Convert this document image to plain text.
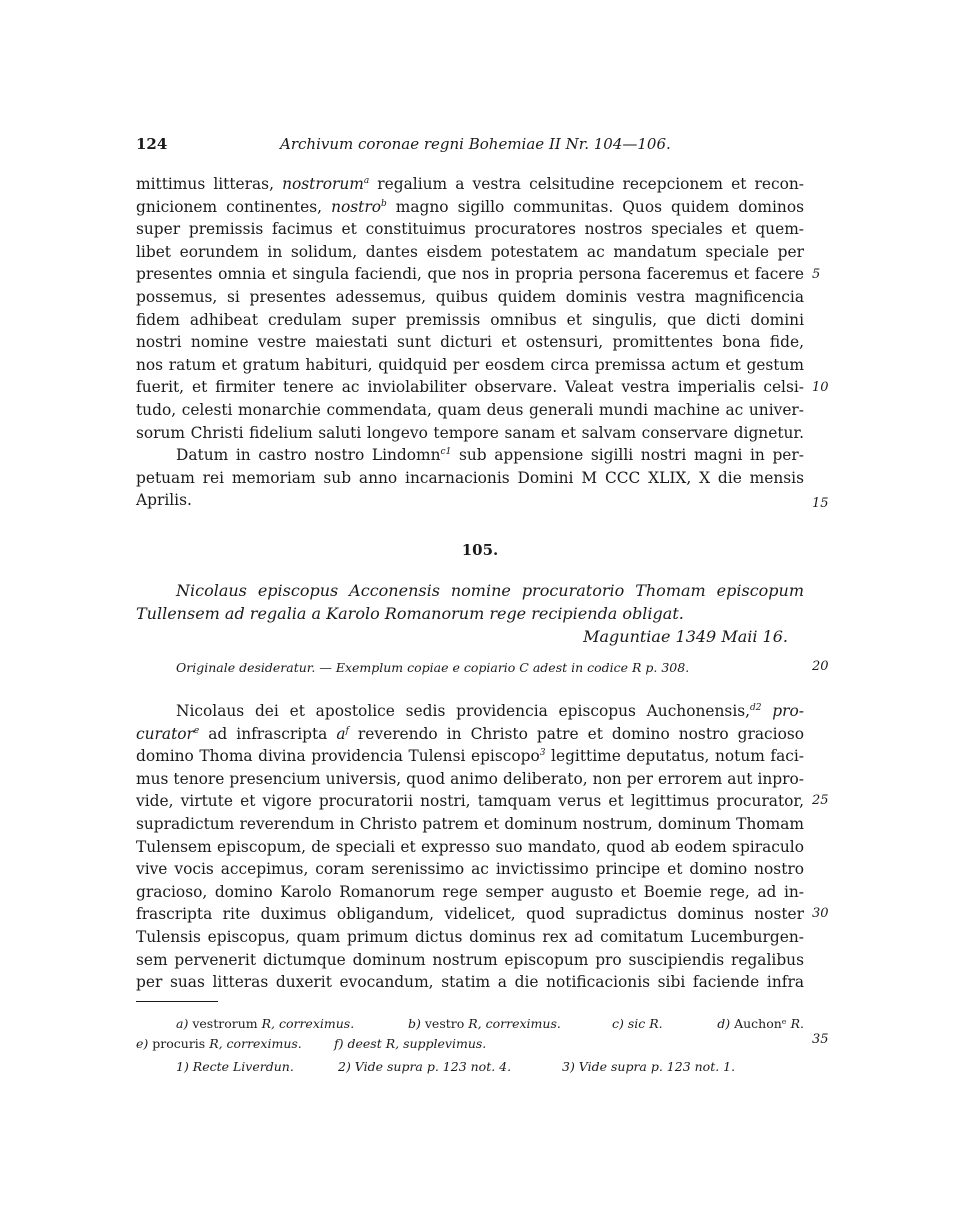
124	Archivum coronae regni Bohemiae II Nr. 104—106.
mittimus litteras, nostrorum$^a$ regalium a vestra celsitudine recepcionem et recon-
gnicionem continentes, nostro$^b$ magno sigillo communitas. Quos quidem dominos
super premissis facimus et constituimus procuratores nostros speciales et quem-
libet eorundem in solidum, dantes eisdem potestatem ac mandatum speciale per
presentes omnia et singula faciendi, que nos in propria persona faceremus et facere
possemus, si presentes adessemus, quibus quidem dominis vestra magnificencia
fidem adhibeat credulam super premissis omnibus et singulis, que dicti domini
nostri nomine vestre maiestati sunt dicturi et ostensuri, promittentes bona fide,
nos ratum et gratum habituri, quidquid per eosdem circa premissa actum et gestum
fuerit, et firmiter tenere ac inviolabiliter observare. Valeat vestra imperialis celsi-
tudo, celesti monarchie commendata, quam deus generali mundi machine ac univer-
sorum Christi fidelium saluti longevo tempore sanam et salvam conservare dignetur.
Datum in castro nostro Lindomn$^{c1}$ sub appensione sigilli nostri magni in per-
petuam rei memoriam sub anno incarnacionis Domini M CCC XLIX, X die mensis
Aprilis.
5
10
15
20
25
30
35
105.
Nicolaus episcopus Acconensis nomine procuratorio Thomam episcopum
Tullensem ad regalia a Karolo Romanorum rege recipienda obligat.
Maguntiae 1349 Maii 16.
Originale desideratur. — Exemplum copiae e copiario C adest in codice R p. 308.
Nicolaus dei et apostolice sedis providencia episcopus Auchonensis,$^{d2}$ pro-
curator$^e$ ad infrascripta $a^f$ reverendo in Christo patre et domino nostro gracioso
domino Thoma divina providencia Tulensi episcopo$^3$ legittime deputatus, notum faci-
mus tenore presencium universis, quod animo deliberato, non per errorem aut inpro-
vide, virtute et vigore procuratorii nostri, tamquam verus et legittimus procurator,
supradictum reverendum in Christo patrem et dominum nostrum, dominum Thomam
Tulensem episcopum, de speciali et expresso suo mandato, quod ab eodem spiraculo
vive vocis accepimus, coram serenissimo ac invictissimo principe et domino nostro
gracioso, domino Karolo Romanorum rege semper augusto et Boemie rege, ad in-
frascripta rite duximus obligandum, videlicet, quod supradictus dominus noster
Tulensis episcopus, quam primum dictus dominus rex ad comitatum Lucemburgen-
sem pervenerit dictumque dominum nostrum episcopum pro suscipiendis regalibus
per suas litteras duxerit evocandum, statim a die notificacionis sibi faciende infra
a) vestrorum R, correximus.	b) vestro R, correximus.	c) sic R.	d) Auchonᵉ R.
e) procuris R, correximus.	f) deest R, supplevimus.
1) Recte Liverdun.	2) Vide supra p. 123 not. 4.	3) Vide supra p. 123 not. 1.
